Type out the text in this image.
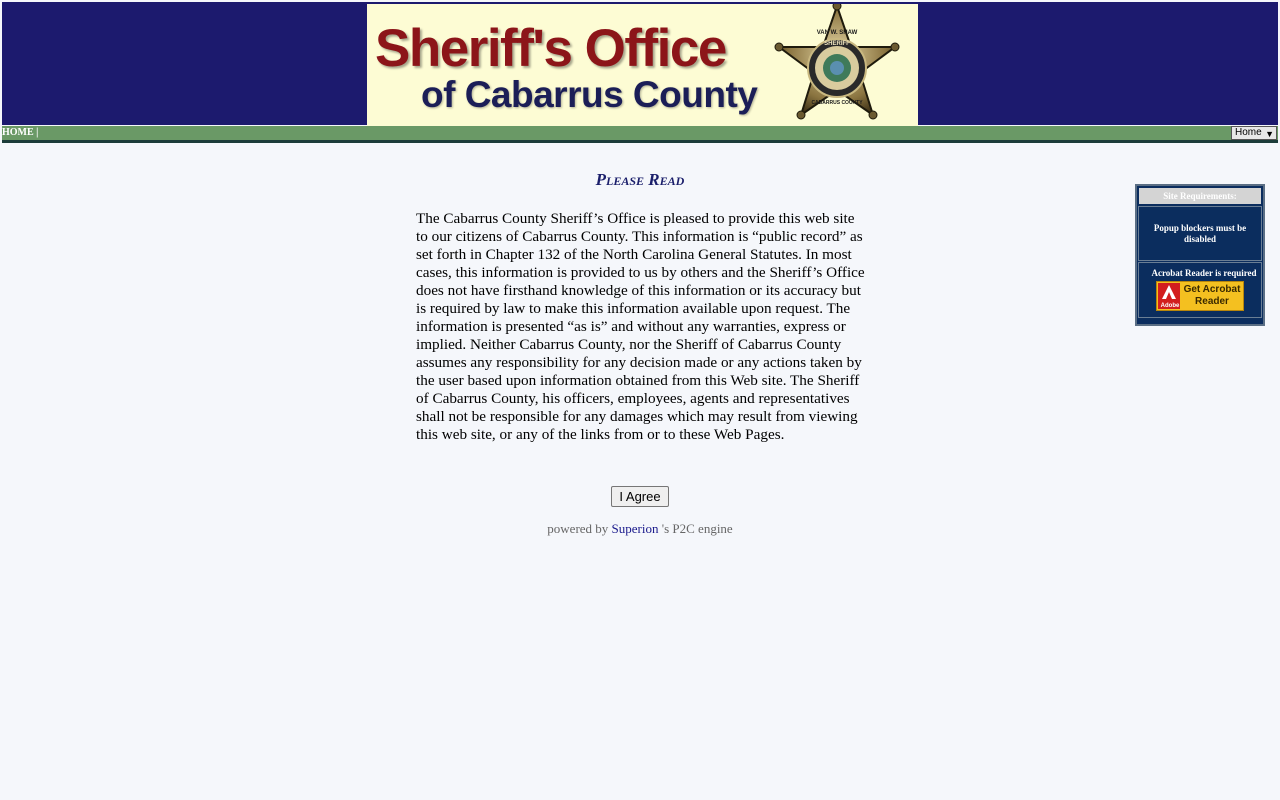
Sheriff's Office
of Cabarrus County
VAN W. SHAW
SHERIFF
CABARRUS COUNTY
HOME |	Home ▼
Please Read
The Cabarrus County Sheriff’s Office is pleased to provide this web site to our citizens of Cabarrus County. This information is “public record” as set forth in Chapter 132 of the North Carolina General Statutes. In most cases, this information is provided to us by others and the Sheriff’s Office does not have firsthand knowledge of this information or its accuracy but is required by law to make this information available upon request. The information is presented “as is” and without any warranties, express or implied. Neither Cabarrus County, nor the Sheriff of Cabarrus County assumes any responsibility for any decision made or any actions taken by the user based upon information obtained from this Web site. The Sheriff of Cabarrus County, his officers, employees, agents and representatives shall not be responsible for any damages which may result from viewing this web site, or any of the links from or to these Web Pages.
I Agree
powered by Superion 's P2C engine
Site Requirements:
Popup blockers must be disabled
Acrobat Reader is required
Adobe
Get Acrobat Reader
